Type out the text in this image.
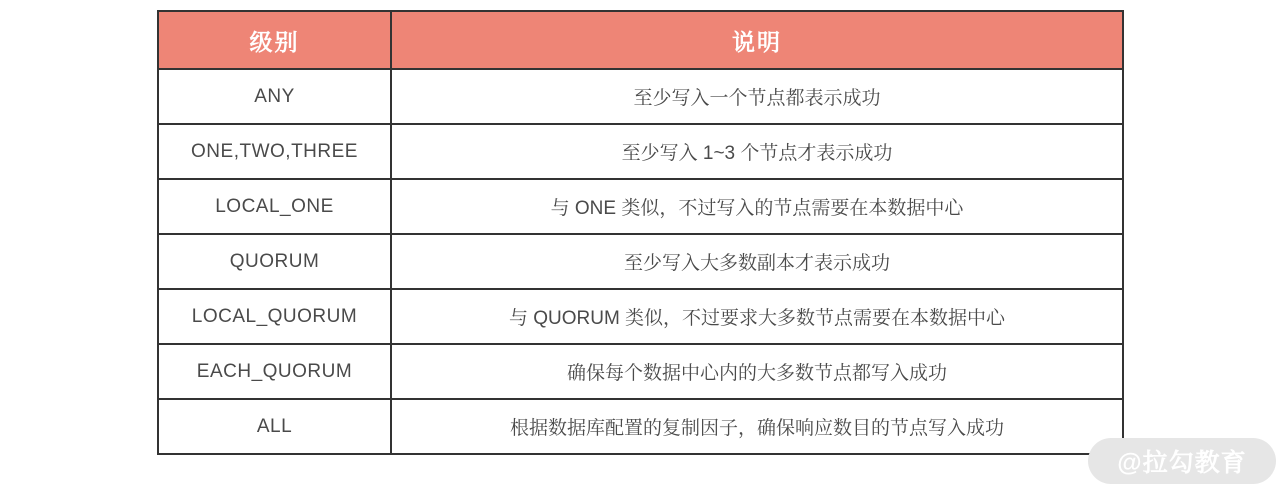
级别	说明
ANY	至少写入一个节点都表示成功
ONE,TWO,THREE	至少写入 1~3 个节点才表示成功
LOCAL_ONE	与 ONE 类似，不过写入的节点需要在本数据中心
QUORUM	至少写入大多数副本才表示成功
LOCAL_QUORUM	与 QUORUM 类似，不过要求大多数节点需要在本数据中心
EACH_QUORUM	确保每个数据中心内的大多数节点都写入成功
ALL	根据数据库配置的复制因子，确保响应数目的节点写入成功
@拉勾教育
